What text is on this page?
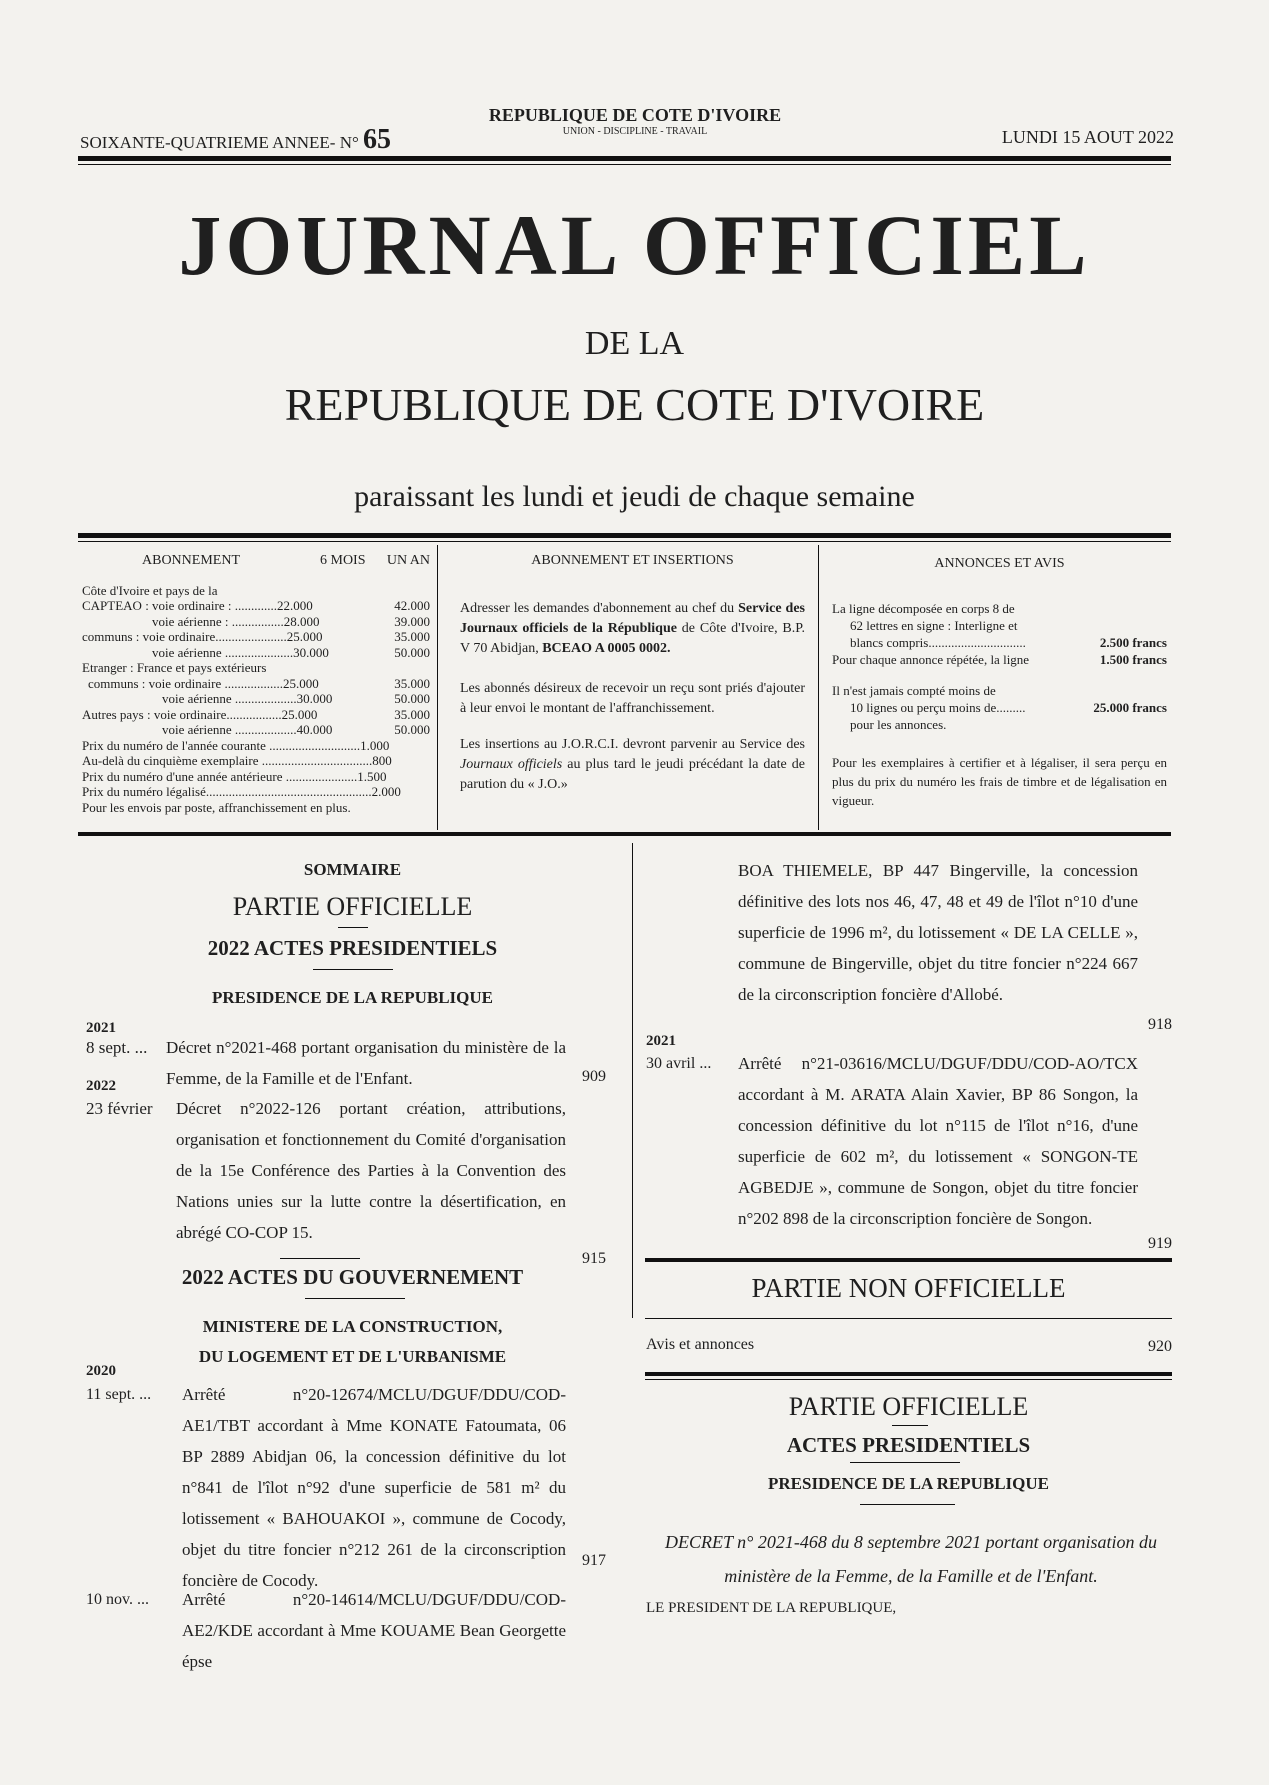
SOIXANTE-QUATRIEME ANNEE- N° 65
REPUBLIQUE DE COTE D'IVOIRE
UNION - DISCIPLINE - TRAVAIL	LUNDI 15 AOUT 2022
JOURNAL OFFICIEL
DE LA
REPUBLIQUE DE COTE D'IVOIRE
paraissant les lundi et jeudi de chaque semaine
ABONNEMENT	6 MOIS	UN AN
Côte d'Ivoire et pays de la
CAPTEAO : voie ordinaire : .............22.000	42.000
voie aérienne : ................28.000	39.000
communs : voie ordinaire......................25.000	35.000
voie aérienne .....................30.000	50.000
Etranger : France et pays extérieurs
communs : voie ordinaire ..................25.000	35.000
voie aérienne ...................30.000	50.000
Autres pays : voie ordinaire.................25.000	35.000
voie aérienne ...................40.000	50.000
Prix du numéro de l'année courante ............................1.000
Au-delà du cinquième exemplaire ..................................800
Prix du numéro d'une année antérieure ......................1.500
Prix du numéro légalisé...................................................2.000
Pour les envois par poste, affranchissement en plus.
ABONNEMENT ET INSERTIONS
Adresser les demandes d'abonnement au chef du Service des Journaux officiels de la République de Côte d'Ivoire, B.P. V 70 Abidjan, BCEAO A 0005 0002.
Les abonnés désireux de recevoir un reçu sont priés d'ajouter à leur envoi le montant de l'affranchissement.
Les insertions au J.O.R.C.I. devront parvenir au Service des Journaux officiels au plus tard le jeudi précédant la date de parution du « J.O.»
ANNONCES ET AVIS
La ligne décomposée en corps 8 de
62 lettres en signe : Interligne et
blancs compris..............................	2.500 francs
Pour chaque annonce répétée, la ligne	1.500 francs
Il n'est jamais compté moins de
10 lignes ou perçu moins de.........	25.000 francs
pour les annonces.
Pour les exemplaires à certifier et à légaliser, il sera perçu en plus du prix du numéro les frais de timbre et de légalisation en vigueur.
SOMMAIRE
PARTIE OFFICIELLE
2022 ACTES PRESIDENTIELS
PRESIDENCE DE LA REPUBLIQUE
2021
8 sept. ...	Décret n°2021-468 portant organisation du ministère de la Femme, de la Famille et de l'Enfant.	909
2022
23 février	Décret n°2022-126 portant création, attributions, organisation et fonctionnement du Comité d'organisation de la 15e Conférence des Parties à la Convention des Nations unies sur la lutte contre la désertification, en abrégé CO-COP 15.
915
2022 ACTES DU GOUVERNEMENT
MINISTERE DE LA CONSTRUCTION,
DU LOGEMENT ET DE L'URBANISME
2020
11 sept. ...	Arrêté n°20-12674/MCLU/DGUF/DDU/COD-AE1/TBT accordant à Mme KONATE Fatoumata, 06 BP 2889 Abidjan 06, la concession définitive du lot n°841 de l'îlot n°92 d'une superficie de 581 m² du lotissement « BAHOUAKOI », commune de Cocody, objet du titre foncier n°212 261 de la circonscription foncière de Cocody.
917
10 nov. ...	Arrêté n°20-14614/MCLU/DGUF/DDU/COD-AE2/KDE accordant à Mme KOUAME Bean Georgette épse
BOA THIEMELE, BP 447 Bingerville, la concession définitive des lots nos 46, 47, 48 et 49 de l'îlot n°10 d'une superficie de 1996 m², du lotissement « DE LA CELLE », commune de Bingerville, objet du titre foncier n°224 667 de la circonscription foncière d'Allobé.
918
2021
30 avril ...	Arrêté n°21-03616/MCLU/DGUF/DDU/COD-AO/TCX accordant à M. ARATA Alain Xavier, BP 86 Songon, la concession définitive du lot n°115 de l'îlot n°16, d'une superficie de 602 m², du lotissement « SONGON-TE AGBEDJE », commune de Songon, objet du titre foncier n°202 898 de la circonscription foncière de Songon.
919
PARTIE NON OFFICIELLE
Avis et annonces	920
PARTIE OFFICIELLE
ACTES PRESIDENTIELS
PRESIDENCE DE LA REPUBLIQUE
DECRET n° 2021-468 du 8 septembre 2021 portant organisation du ministère de la Femme, de la Famille et de l'Enfant.
LE PRESIDENT DE LA REPUBLIQUE,
